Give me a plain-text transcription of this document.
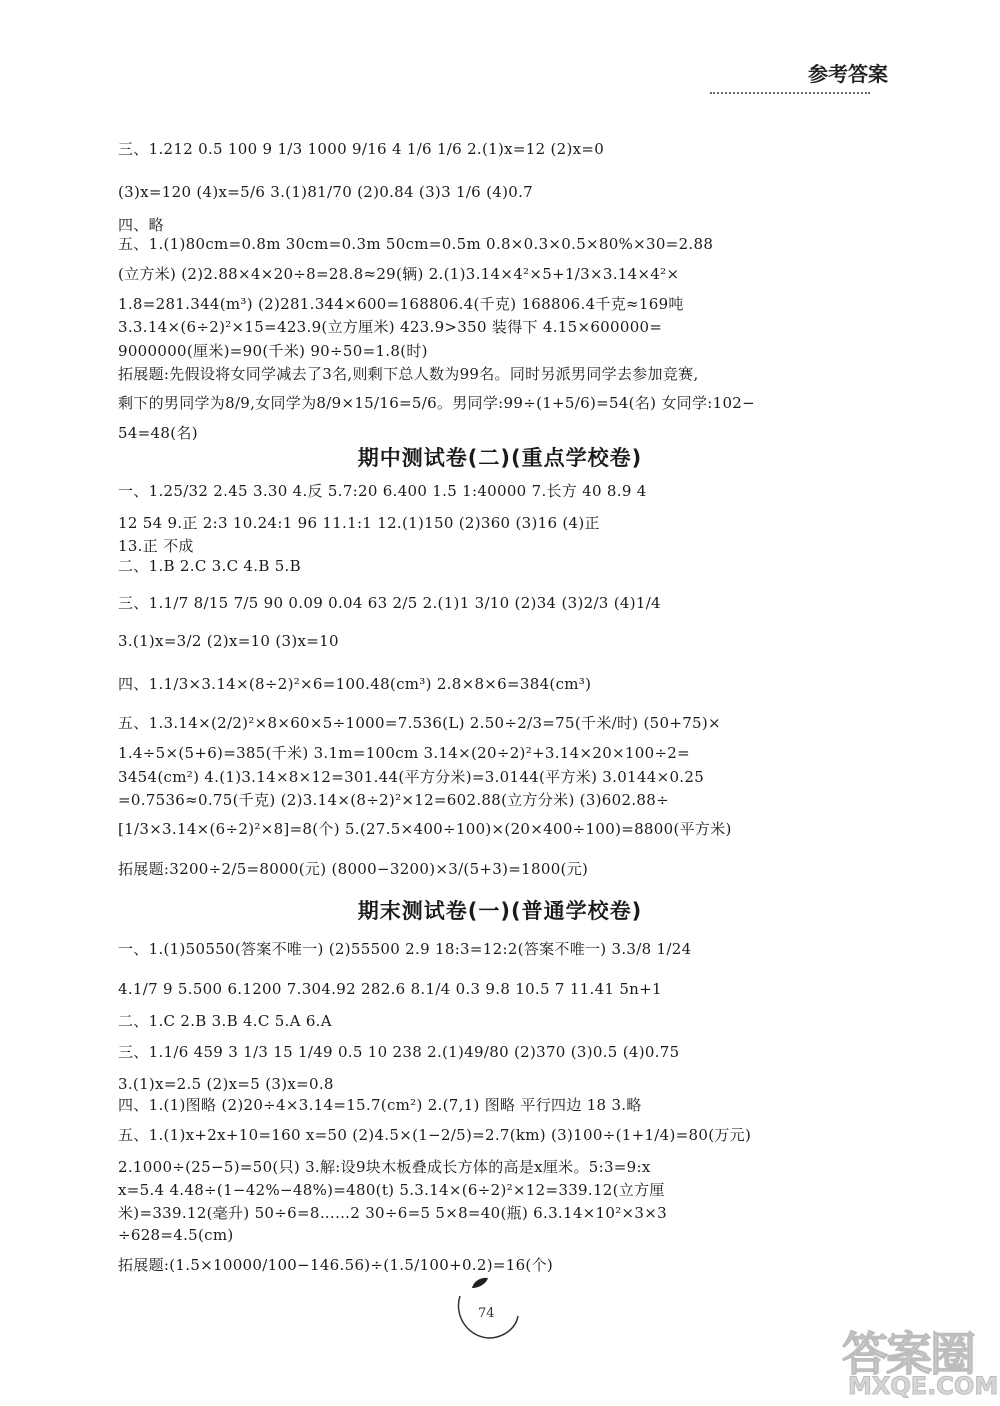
参考答案
三、1.212 0.5 100 9 1/3 1000 9/16 4 1/6 1/6 2.(1)x=12 (2)x=0
(3)x=120 (4)x=5/6 3.(1)81/70 (2)0.84 (3)3 1/6 (4)0.7
四、略
五、1.(1)80cm=0.8m 30cm=0.3m 50cm=0.5m 0.8×0.3×0.5×80%×30=2.88
(立方米) (2)2.88×4×20÷8=28.8≈29(辆) 2.(1)3.14×4²×5+1/3×3.14×4²×
1.8=281.344(m³) (2)281.344×600=168806.4(千克) 168806.4千克≈169吨
3.3.14×(6÷2)²×15=423.9(立方厘米) 423.9>350 装得下 4.15×600000=
9000000(厘米)=90(千米) 90÷50=1.8(时)
拓展题:先假设将女同学减去了3名,则剩下总人数为99名。同时另派男同学去参加竞赛,
剩下的男同学为8/9,女同学为8/9×15/16=5/6。男同学:99÷(1+5/6)=54(名) 女同学:102−
54=48(名)
期中测试卷(二)(重点学校卷)
一、1.25/32 2.45 3.30 4.反 5.7:20 6.400 1.5 1:40000 7.长方 40 8.9 4
12 54 9.正 2:3 10.24:1 96 11.1:1 12.(1)150 (2)360 (3)16 (4)正
13.正 不成
二、1.B 2.C 3.C 4.B 5.B
三、1.1/7 8/15 7/5 90 0.09 0.04 63 2/5 2.(1)1 3/10 (2)34 (3)2/3 (4)1/4
3.(1)x=3/2 (2)x=10 (3)x=10
四、1.1/3×3.14×(8÷2)²×6=100.48(cm³) 2.8×8×6=384(cm³)
五、1.3.14×(2/2)²×8×60×5÷1000=7.536(L) 2.50÷2/3=75(千米/时) (50+75)×
1.4÷5×(5+6)=385(千米) 3.1m=100cm 3.14×(20÷2)²+3.14×20×100÷2=
3454(cm²) 4.(1)3.14×8×12=301.44(平方分米)=3.0144(平方米) 3.0144×0.25
=0.7536≈0.75(千克) (2)3.14×(8÷2)²×12=602.88(立方分米) (3)602.88÷
[1/3×3.14×(6÷2)²×8]=8(个) 5.(27.5×400÷100)×(20×400÷100)=8800(平方米)
拓展题:3200÷2/5=8000(元) (8000−3200)×3/(5+3)=1800(元)
期末测试卷(一)(普通学校卷)
一、1.(1)50550(答案不唯一) (2)55500 2.9 18:3=12:2(答案不唯一) 3.3/8 1/24
4.1/7 9 5.500 6.1200 7.304.92 282.6 8.1/4 0.3 9.8 10.5 7 11.41 5n+1
二、1.C 2.B 3.B 4.C 5.A 6.A
三、1.1/6 459 3 1/3 15 1/49 0.5 10 238 2.(1)49/80 (2)370 (3)0.5 (4)0.75
3.(1)x=2.5 (2)x=5 (3)x=0.8
四、1.(1)图略 (2)20÷4×3.14=15.7(cm²) 2.(7,1) 图略 平行四边 18 3.略
五、1.(1)x+2x+10=160 x=50 (2)4.5×(1−2/5)=2.7(km) (3)100÷(1+1/4)=80(万元)
2.1000÷(25−5)=50(只) 3.解:设9块木板叠成长方体的高是x厘米。5:3=9:x
x=5.4 4.48÷(1−42%−48%)=480(t) 5.3.14×(6÷2)²×12=339.12(立方厘
米)=339.12(毫升) 50÷6=8……2 30÷6=5 5×8=40(瓶) 6.3.14×10²×3×3
÷628=4.5(cm)
拓展题:(1.5×10000/100−146.56)÷(1.5/100+0.2)=16(个)
74
答案圈
MXQE.COM
